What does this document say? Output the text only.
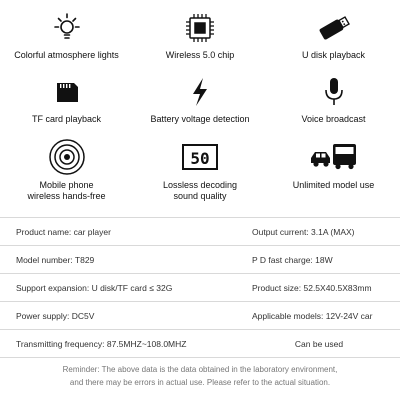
Colorful atmosphere lights	Wireless 5.0 chip	U disk playback
TF card playback	Battery voltage detection	Voice broadcast
Mobile phone
wireless hands-free
50
Lossless decoding
sound quality
Unlimited model use
Product name: car player	Output current: 3.1A (MAX)
Model number: T829	P D fast charge: 18W
Support expansion: U disk/TF card ≤ 32G	Product size: 52.5X40.5X83mm
Power supply: DC5V	Applicable models: 12V-24V car
Transmitting frequency: 87.5MHZ~108.0MHZ	Can be used
Reminder: The above data is the data obtained in the laboratory environment,
and there may be errors in actual use. Please refer to the actual situation.
